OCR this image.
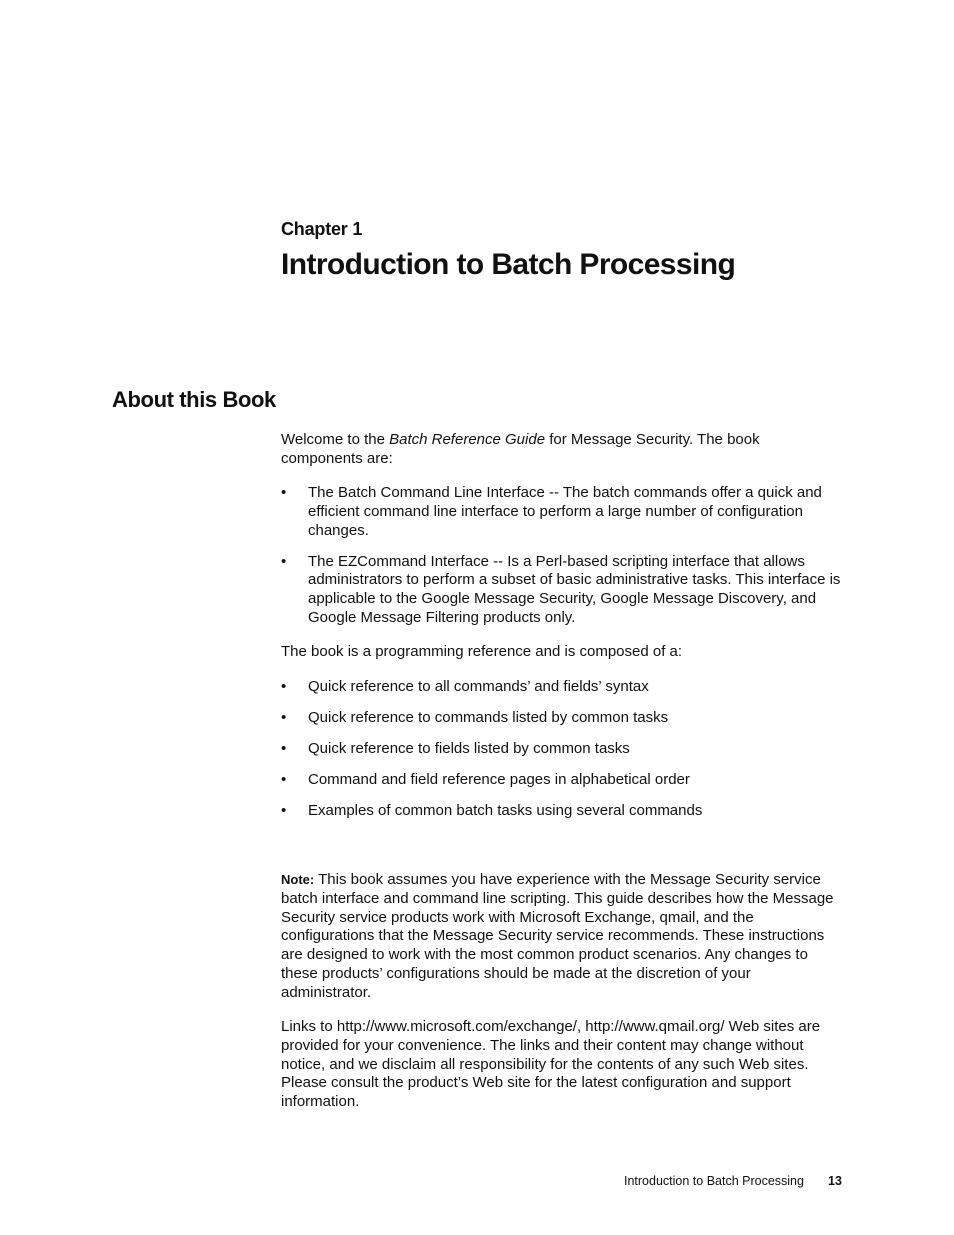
Chapter 1
Introduction to Batch Processing
About this Book
Welcome to the Batch Reference Guide for Message Security. The book components are:
• The Batch Command Line Interface -- The batch commands offer a quick and efficient command line interface to perform a large number of configuration changes.
• The EZCommand Interface -- Is a Perl-based scripting interface that allows administrators to perform a subset of basic administrative tasks. This interface is applicable to the Google Message Security, Google Message Discovery, and Google Message Filtering products only.
The book is a programming reference and is composed of a:
• Quick reference to all commands’ and fields’ syntax
• Quick reference to commands listed by common tasks
• Quick reference to fields listed by common tasks
• Command and field reference pages in alphabetical order
• Examples of common batch tasks using several commands
Note: This book assumes you have experience with the Message Security service batch interface and command line scripting. This guide describes how the Message Security service products work with Microsoft Exchange, qmail, and the configurations that the Message Security service recommends. These instructions are designed to work with the most common product scenarios. Any changes to these products’ configurations should be made at the discretion of your administrator.
Links to http://www.microsoft.com/exchange/, http://www.qmail.org/ Web sites are provided for your convenience. The links and their content may change without notice, and we disclaim all responsibility for the contents of any such Web sites. Please consult the product’s Web site for the latest configuration and support information.
Introduction to Batch Processing 13
